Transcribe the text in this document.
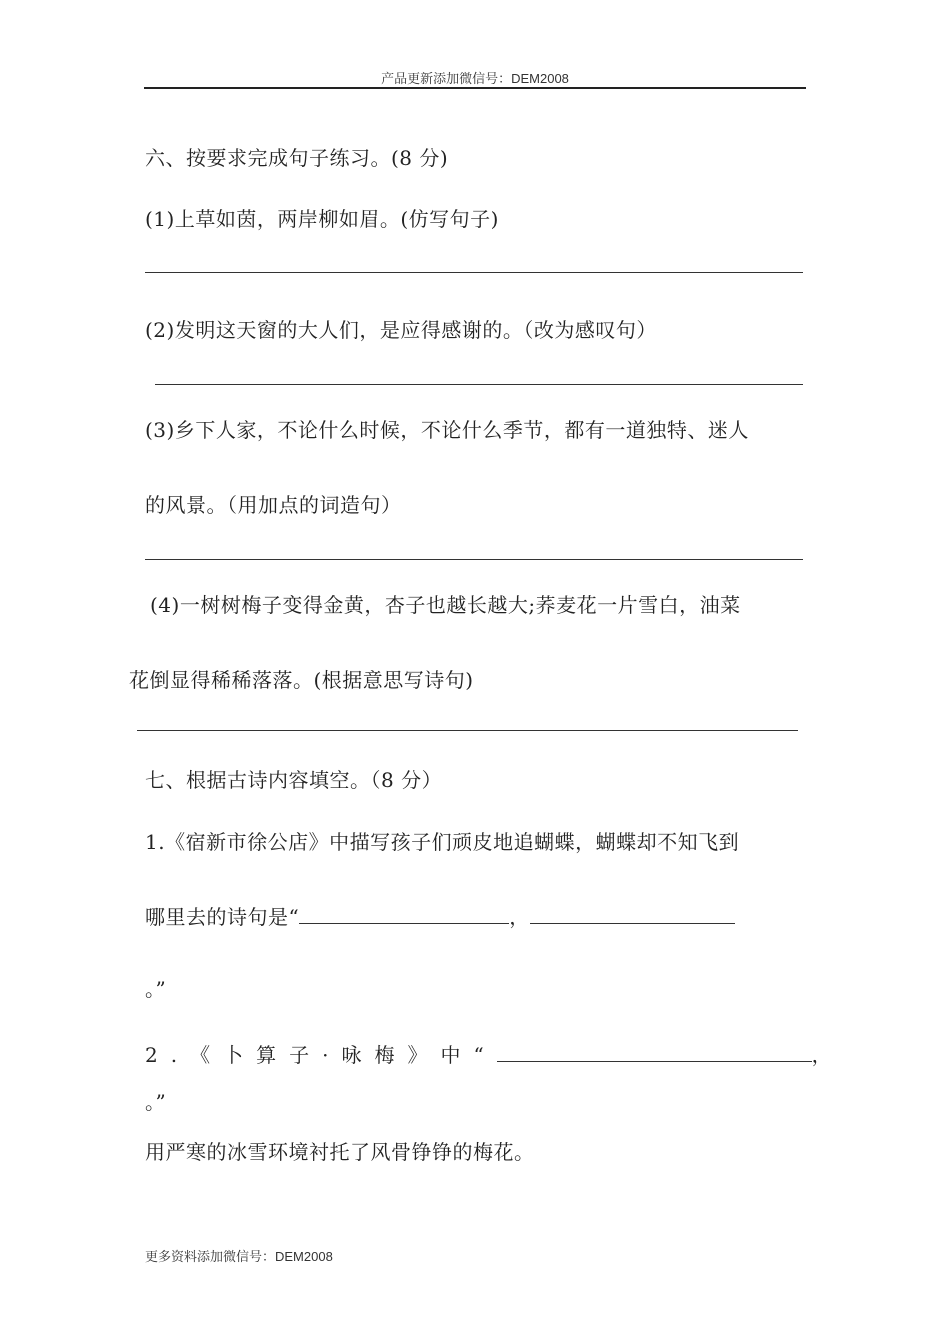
产品更新添加微信号：DEM2008
六、按要求完成句子练习。(8 分)
(1)上草如茵，两岸柳如眉。(仿写句子)
(2)发明这天窗的大人们，是应得感谢的。（改为感叹句）
(3)乡下人家，不论什么时候，不论什么季节，都有一道独特、迷人
的风景。（用加点的词造句）
(4)一树树梅子变得金黄，杏子也越长越大;荞麦花一片雪白，油菜
花倒显得稀稀落落。(根据意思写诗句)
七、根据古诗内容填空。（8 分）
1.《宿新市徐公店》中描写孩子们顽皮地追蝴蝶，蝴蝶却不知飞到
哪里去的诗句是“	，
。”
2.《卜算子·咏梅》中“	，
。”
用严寒的冰雪环境衬托了风骨铮铮的梅花。
更多资料添加微信号：DEM2008
